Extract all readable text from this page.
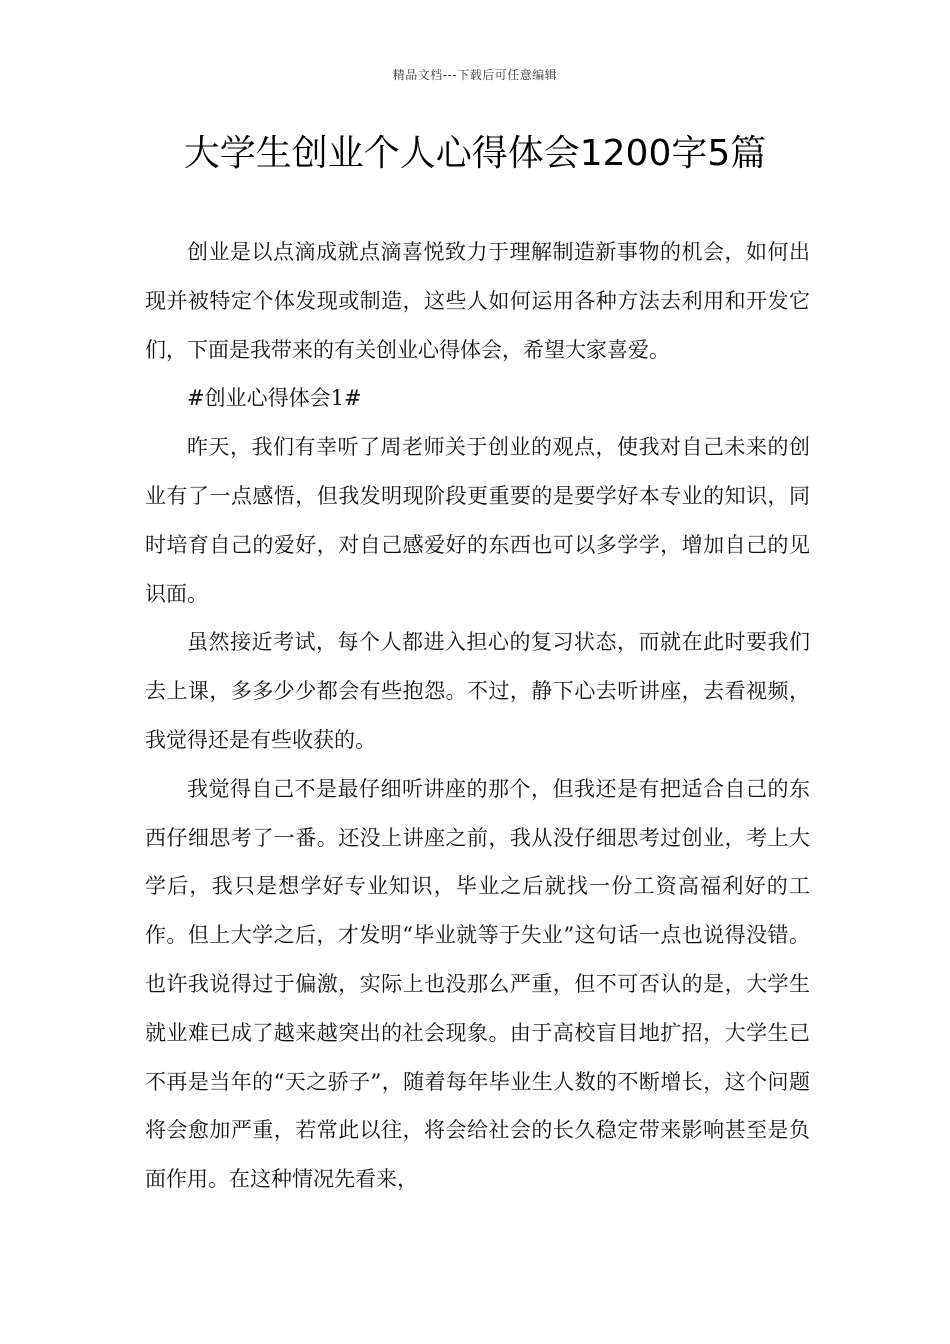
精品文档---下载后可任意编辑
大学生创业个人心得体会1200字5篇

创业是以点滴成就点滴喜悦致力于理解制造新事物的机会，如何出现并被特定个体发现或制造，这些人如何运用各种方法去利用和开发它们，下面是我带来的有关创业心得体会，希望大家喜爱。

#创业心得体会1#

昨天，我们有幸听了周老师关于创业的观点，使我对自己未来的创业有了一点感悟，但我发明现阶段更重要的是要学好本专业的知识，同时培育自己的爱好，对自己感爱好的东西也可以多学学，增加自己的见识面。

虽然接近考试，每个人都进入担心的复习状态，而就在此时要我们去上课，多多少少都会有些抱怨。不过，静下心去听讲座，去看视频，我觉得还是有些收获的。

我觉得自己不是最仔细听讲座的那个，但我还是有把适合自己的东西仔细思考了一番。还没上讲座之前，我从没仔细思考过创业，考上大学后，我只是想学好专业知识，毕业之后就找一份工资高福利好的工作。但上大学之后，才发明“毕业就等于失业”这句话一点也说得没错。也许我说得过于偏激，实际上也没那么严重，但不可否认的是，大学生就业难已成了越来越突出的社会现象。由于高校盲目地扩招，大学生已不再是当年的“天之骄子”，随着每年毕业生人数的不断增长，这个问题将会愈加严重，若常此以往，将会给社会的长久稳定带来影响甚至是负面作用。在这种情况先看来，
